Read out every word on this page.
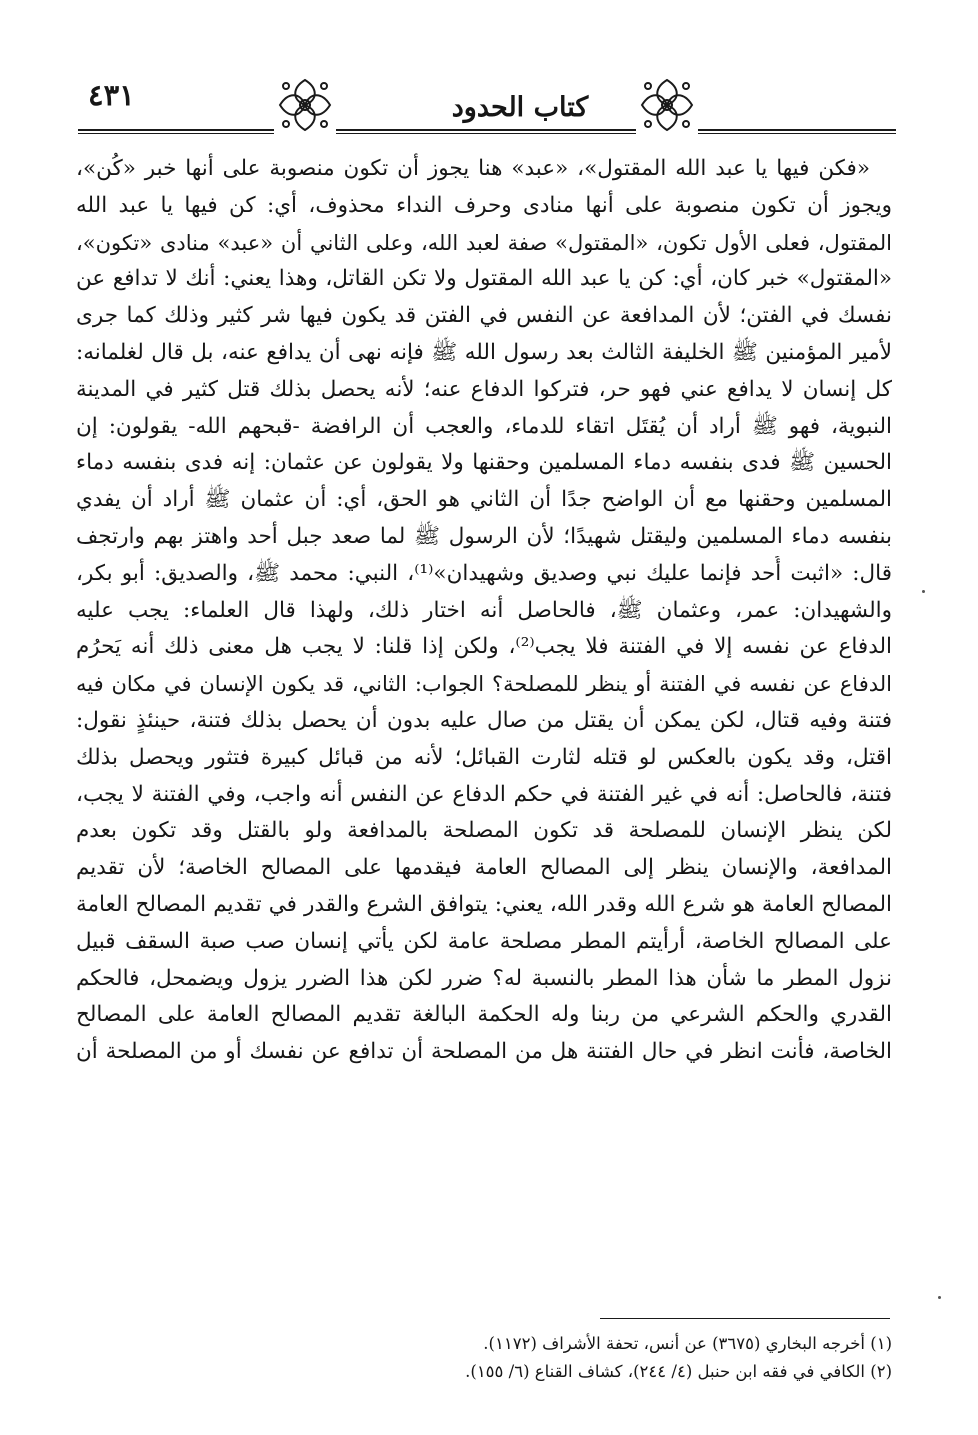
كتاب الحدود
٤٣١
«فكن فيها يا عبد الله المقتول»، «عبد» هنا يجوز أن تكون منصوبة على أنها خبر «كُن»،
ويجوز أن تكون منصوبة على أنها منادى وحرف النداء محذوف، أي: كن فيها يا عبد الله
المقتول، فعلى الأول تكون، «المقتول» صفة لعبد الله، وعلى الثاني أن «عبد» منادى «تكون»،
«المقتول» خبر كان، أي: كن يا عبد الله المقتول ولا تكن القاتل، وهذا يعني: أنك لا تدافع عن
نفسك في الفتن؛ لأن المدافعة عن النفس في الفتن قد يكون فيها شر كثير وذلك كما جرى
لأمير المؤمنين ﷺ الخليفة الثالث بعد رسول الله ﷺ فإنه نهى أن يدافع عنه، بل قال لغلمانه:
كل إنسان لا يدافع عني فهو حر، فتركوا الدفاع عنه؛ لأنه يحصل بذلك قتل كثير في المدينة
النبوية، فهو ﷺ أراد أن يُقتَل اتقاء للدماء، والعجب أن الرافضة -قبحهم الله- يقولون: إن
الحسين ﷺ فدى بنفسه دماء المسلمين وحقنها ولا يقولون عن عثمان: إنه فدى بنفسه دماء
المسلمين وحقنها مع أن الواضح جدًا أن الثاني هو الحق، أي: أن عثمان ﷺ أراد أن يفدي
بنفسه دماء المسلمين وليقتل شهيدًا؛ لأن الرسول ﷺ لما صعد جبل أحد واهتز بهم وارتجف
قال: «اثبت أُحد فإنما عليك نبي وصديق وشهيدان»⁽¹⁾، النبي: محمد ﷺ، والصديق: أبو بكر،
والشهيدان: عمر، وعثمان ﷺ، فالحاصل أنه اختار ذلك، ولهذا قال العلماء: يجب عليه
الدفاع عن نفسه إلا في الفتنة فلا يجب⁽²⁾، ولكن إذا قلنا: لا يجب هل معنى ذلك أنه يَحرُم
الدفاع عن نفسه في الفتنة أو ينظر للمصلحة؟ الجواب: الثاني، قد يكون الإنسان في مكان فيه
فتنة وفيه قتال، لكن يمكن أن يقتل من صال عليه بدون أن يحصل بذلك فتنة، حينئذٍ نقول:
اقتل، وقد يكون بالعكس لو قتله لثارت القبائل؛ لأنه من قبائل كبيرة فتثور ويحصل بذلك
فتنة، فالحاصل: أنه في غير الفتنة في حكم الدفاع عن النفس أنه واجب، وفي الفتنة لا يجب،
لكن ينظر الإنسان للمصلحة قد تكون المصلحة بالمدافعة ولو بالقتل وقد تكون بعدم
المدافعة، والإنسان ينظر إلى المصالح العامة فيقدمها على المصالح الخاصة؛ لأن تقديم
المصالح العامة هو شرع الله وقدر الله، يعني: يتوافق الشرع والقدر في تقديم المصالح العامة
على المصالح الخاصة، أرأيتم المطر مصلحة عامة لكن يأتي إنسان صب صبة السقف قبيل
نزول المطر ما شأن هذا المطر بالنسبة له؟ ضرر لكن هذا الضرر يزول ويضمحل، فالحكم
القدري والحكم الشرعي من ربنا وله الحكمة البالغة تقديم المصالح العامة على المصالح
الخاصة، فأنت انظر في حال الفتنة هل من المصلحة أن تدافع عن نفسك أو من المصلحة أن
(١) أخرجه البخاري (٣٦٧٥) عن أنس، تحفة الأشراف (١١٧٢).
(٢) الكافي في فقه ابن حنبل (٤/ ٢٤٤)، كشاف القناع (٦/ ١٥٥).
